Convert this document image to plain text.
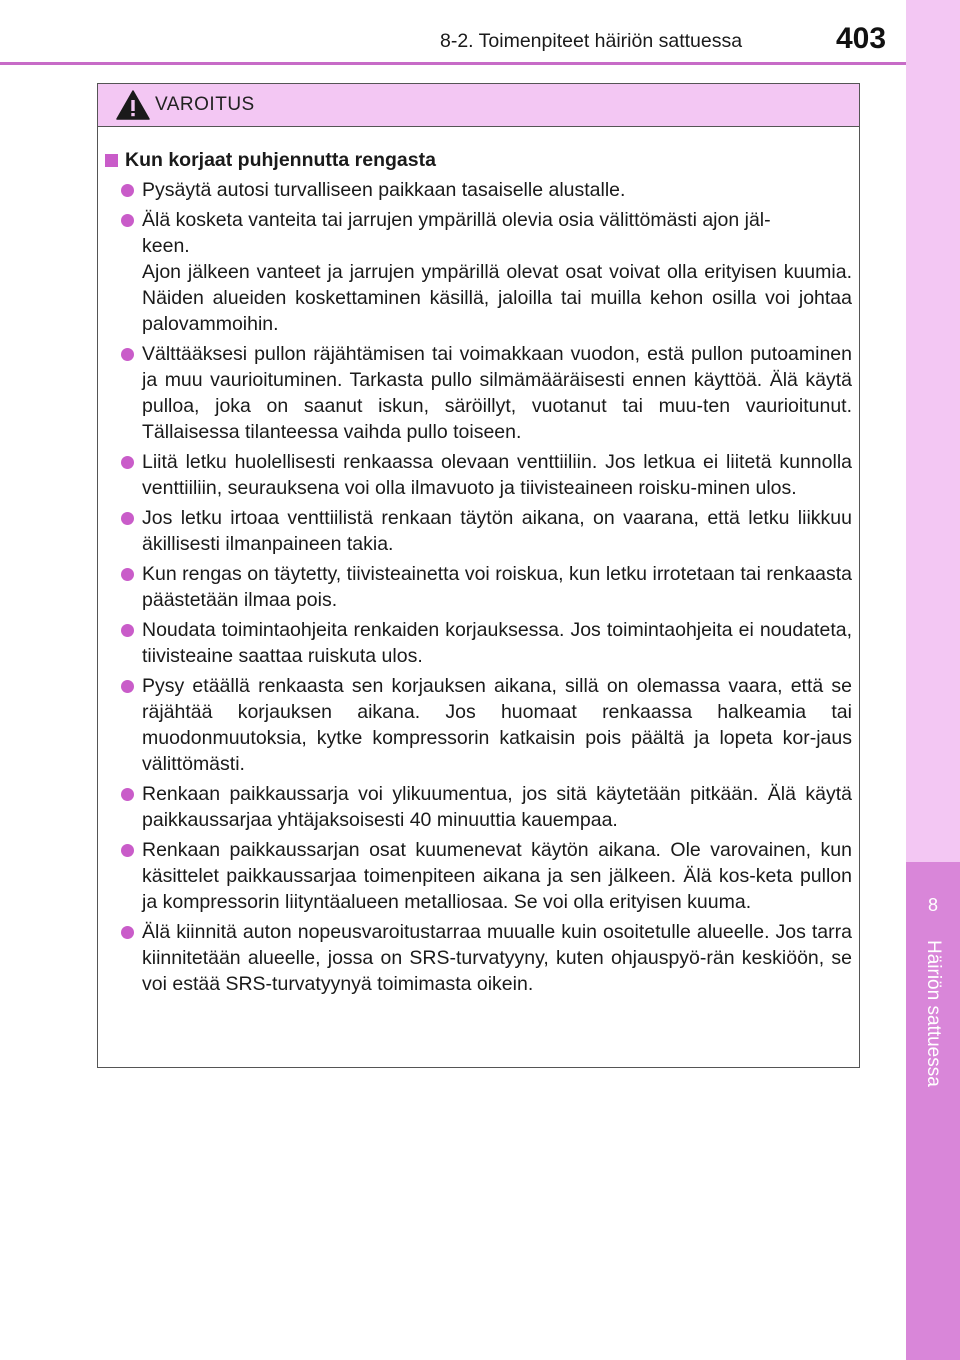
8-2. Toimenpiteet häiriön sattuessa	403
8
Häiriön sattuessa
VAROITUS
Kun korjaat puhjennutta rengasta
Pysäytä autosi turvalliseen paikkaan tasaiselle alustalle.
Älä kosketa vanteita tai jarrujen ympärillä olevia osia välittömästi ajon jäl-
keen.
Ajon jälkeen vanteet ja jarrujen ympärillä olevat osat voivat olla erityisen kuumia. Näiden alueiden koskettaminen käsillä, jaloilla tai muilla kehon osilla voi johtaa palovammoihin.
Välttääksesi pullon räjähtämisen tai voimakkaan vuodon, estä pullon putoaminen ja muu vaurioituminen. Tarkasta pullo silmämääräisesti ennen käyttöä. Älä käytä pulloa, joka on saanut iskun, säröillyt, vuotanut tai muu-ten vaurioitunut. Tällaisessa tilanteessa vaihda pullo toiseen.
Liitä letku huolellisesti renkaassa olevaan venttiiliin. Jos letkua ei liitetä kunnolla venttiiliin, seurauksena voi olla ilmavuoto ja tiivisteaineen roisku-minen ulos.
Jos letku irtoaa venttiilistä renkaan täytön aikana, on vaarana, että letku liikkuu äkillisesti ilmanpaineen takia.
Kun rengas on täytetty, tiivisteainetta voi roiskua, kun letku irrotetaan tai renkaasta päästetään ilmaa pois.
Noudata toimintaohjeita renkaiden korjauksessa. Jos toimintaohjeita ei noudateta, tiivisteaine saattaa ruiskuta ulos.
Pysy etäällä renkaasta sen korjauksen aikana, sillä on olemassa vaara, että se räjähtää korjauksen aikana. Jos huomaat renkaassa halkeamia tai muodonmuutoksia, kytke kompressorin katkaisin pois päältä ja lopeta kor-jaus välittömästi.
Renkaan paikkaussarja voi ylikuumentua, jos sitä käytetään pitkään. Älä käytä paikkaussarjaa yhtäjaksoisesti 40 minuuttia kauempaa.
Renkaan paikkaussarjan osat kuumenevat käytön aikana. Ole varovainen, kun käsittelet paikkaussarjaa toimenpiteen aikana ja sen jälkeen. Älä kos-keta pullon ja kompressorin liityntäalueen metalliosaa. Se voi olla erityisen kuuma.
Älä kiinnitä auton nopeusvaroitustarraa muualle kuin osoitetulle alueelle. Jos tarra kiinnitetään alueelle, jossa on SRS-turvatyyny, kuten ohjauspyö-rän keskiöön, se voi estää SRS-turvatyynyä toimimasta oikein.
